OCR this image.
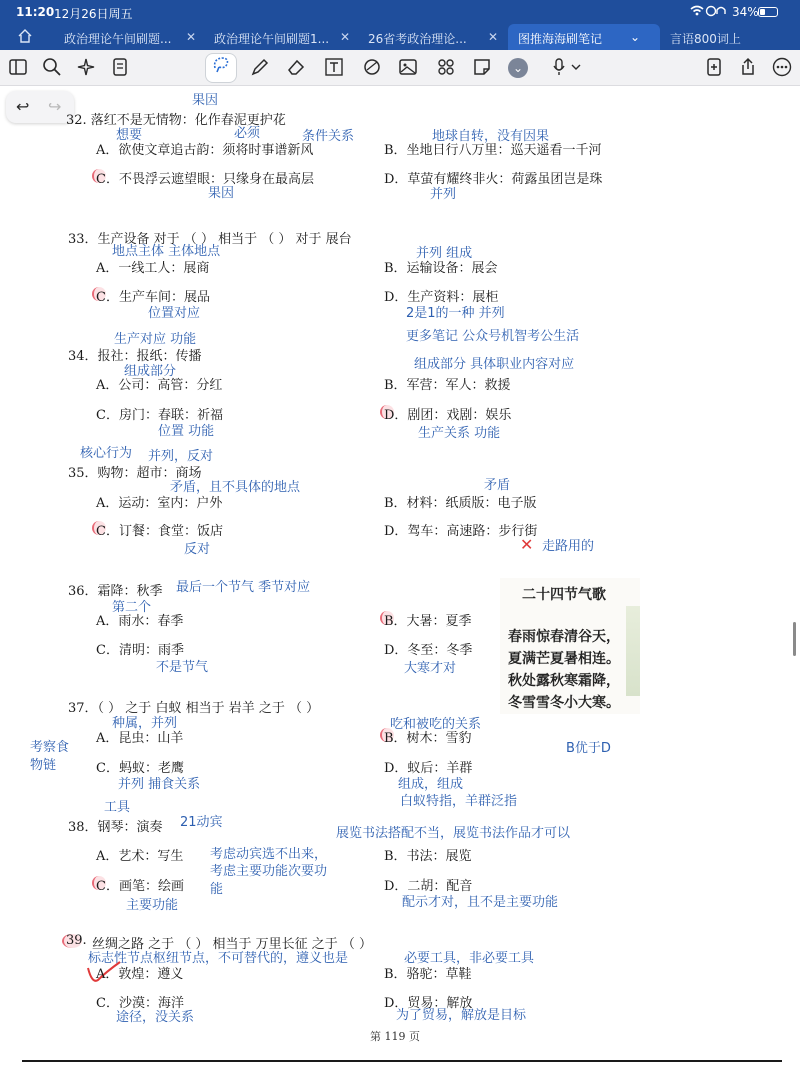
11:20 12月26日周五	34%
政治理论午间刷题... ✕ 政治理论午间刷题1... ✕ 26省考政治理论... ✕	图推海海刷笔记 ⌄ 言语800词上
⌄
↩ ↪	果因
32. 落红不是无情物：化作春泥更护花
想要	必须	条件关系	地球自转，没有因果
A．欲使文章追古韵：须将时事谱新风	B．坐地日行八万里：巡天遥看一千河
C．不畏浮云遮望眼：只缘身在最高层	D．草萤有耀终非火：荷露虽团岂是珠
果因	并列
33．生产设备 对于 （ ） 相当于 （ ） 对于 展台
地点主体 主体地点	并列 组成
A．一线工人：展商	B．运输设备：展会
C．生产车间：展品	D．生产资料：展柜
位置对应	2是1的一种 并列
生产对应 功能	更多笔记 公众号机智考公生活
34．报社：报纸：传播
组成部分	组成部分 具体职业内容对应
A．公司：高管：分红	B．军营：军人：救援
C．房门：春联：祈福	D．剧团：戏剧：娱乐
位置 功能	生产关系 功能
核心行为 并列，反对
35．购物：超市：商场
矛盾，且不具体的地点	矛盾
A．运动：室内：户外	B．材料：纸质版：电子版
C．订餐：食堂：饭店	D．驾车：高速路：步行街
反对	✕ 走路用的
36．霜降：秋季 最后一个节气 季节对应
第二个
A．雨水：春季	B．大暑：夏季
C．清明：雨季	D．冬至：冬季
不是节气	大寒才对
二十四节气歌
春雨惊春清谷天，
夏满芒夏暑相连。
秋处露秋寒霜降，
冬雪雪冬小大寒。
37．（ ） 之于 白蚁 相当于 岩羊 之于 （ ）
种属，并列	吃和被吃的关系
考察食
物链
A．昆虫：山羊	B．树木：雪豹
B优于D
C．蚂蚁：老鹰	D．蚁后：羊群
并列 捕食关系	组成，组成
白蚁特指，羊群泛指
工具
21动宾
展览书法搭配不当，展览书法作品才可以
38．钢琴：演奏
A．艺术：写生 考虑动宾选不出来，	B．书法：展览
考虑主要功能次要功
C．画笔：绘画 能	D．二胡：配音
主要功能	配示才对，且不是主要功能
39. 丝绸之路 之于 （ ） 相当于 万里长征 之于 （ ）
标志性节点枢纽节点，不可替代的，遵义也是	必要工具，非必要工具
A．敦煌：遵义	B．骆驼：草鞋
C．沙漠：海洋	D．贸易：解放
途径，没关系	为了贸易，解放是目标
第 119 页
